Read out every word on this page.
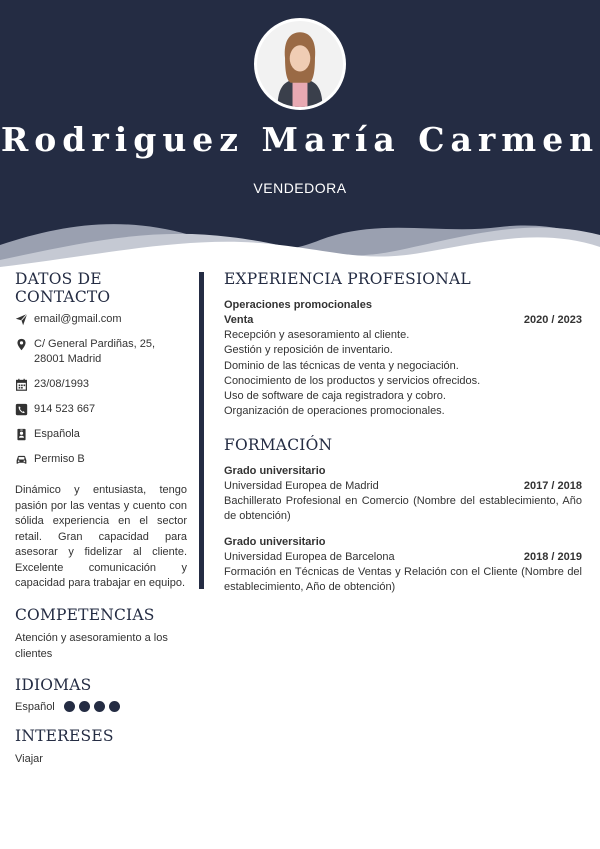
Rodriguez María Carmen
VENDEDORA
DATOS DE CONTACTO
email@gmail.com
C/ General Pardiñas, 25, 28001 Madrid
23/08/1993
914 523 667
Española
Permiso B

Dinámico y entusiasta, tengo pasión por las ventas y cuento con sólida experiencia en el sector retail. Gran capacidad para asesorar y fidelizar al cliente. Excelente comunicación y capacidad para trabajar en equipo.

COMPETENCIAS

Atención y asesoramiento a los clientes

IDIOMAS
Español
INTERESES

Viajar

EXPERIENCIA PROFESIONAL
Operaciones promocionales
Venta	2020 / 2023
Recepción y asesoramiento al cliente.
Gestión y reposición de inventario.
Dominio de las técnicas de venta y negociación.
Conocimiento de los productos y servicios ofrecidos.
Uso de software de caja registradora y cobro.
Organización de operaciones promocionales.
FORMACIÓN
Grado universitario
Universidad Europea de Madrid	2017 / 2018
Bachillerato Profesional en Comercio (Nombre del establecimiento, Año de obtención)
Grado universitario
Universidad Europea de Barcelona	2018 / 2019
Formación en Técnicas de Ventas y Relación con el Cliente (Nombre del establecimiento, Año de obtención)
